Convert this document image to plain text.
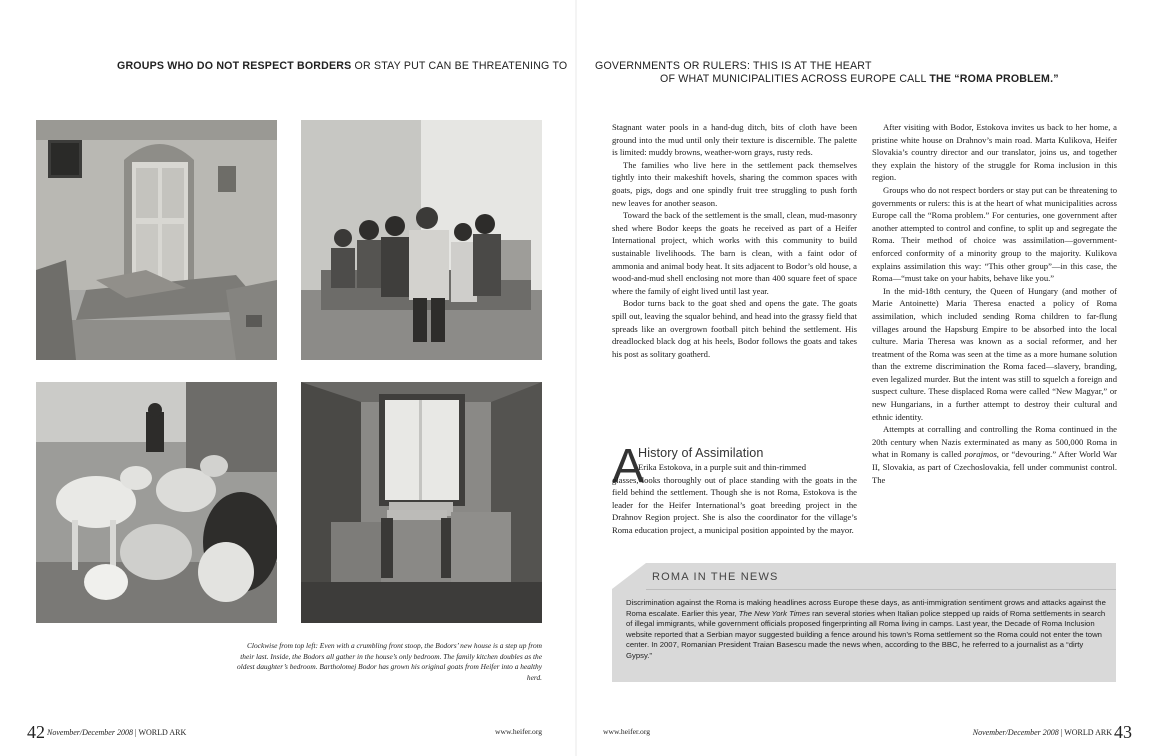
GROUPS WHO DO NOT RESPECT BORDERS OR STAY PUT CAN BE THREATENING TO	GOVERNMENTS OR RULERS: THIS IS AT THE HEART
OF WHAT MUNICIPALITIES ACROSS EUROPE CALL THE “ROMA PROBLEM.”
Clockwise from top left: Even with a crumbling front stoop, the Bodors’ new house is a step up from their last. Inside, the Bodors all gather in the house’s only bedroom. The family kitchen doubles as the oldest daughter’s bedroom. Bartholomej Bodor has grown his original goats from Heifer into a healthy herd.

Stagnant water pools in a hand-dug ditch, bits of cloth have been ground into the mud until only their texture is discernible. The palette is limited: muddy browns, weather-worn grays, rusty reds.

The families who live here in the settlement pack themselves tightly into their makeshift hovels, sharing the common spaces with goats, pigs, dogs and one spindly fruit tree struggling to push forth new leaves for another season.

Toward the back of the settlement is the small, clean, mud-masonry shed where Bodor keeps the goats he received as part of a Heifer International project, which works with this community to build sustainable livelihoods. The barn is clean, with a faint odor of ammonia and animal body heat. It sits adjacent to Bodor’s old house, a wood-and-mud shell enclosing not more than 400 square feet of space where the family of eight lived until last year.

Bodor turns back to the goat shed and opens the gate. The goats spill out, leaving the squalor behind, and head into the grassy field that spreads like an overgrown football pitch behind the settlement. His dreadlocked black dog at his heels, Bodor follows the goats and takes his post as solitary goatherd.

A
History of Assimilation

Erika Estokova, in a purple suit and thin-rimmed
glasses, looks thoroughly out of place standing with the goats in the field behind the settlement. Though she is not Roma, Estokova is the leader for the Heifer International’s goat breeding project in the Drahnov Region project. She is also the coordinator for the village’s Roma education project, a municipal position appointed by the mayor.

After visiting with Bodor, Estokova invites us back to her home, a pristine white house on Drahnov’s main road. Marta Kulikova, Heifer Slovakia’s country director and our translator, joins us, and together they explain the history of the struggle for Roma inclusion in this region.

Groups who do not respect borders or stay put can be threatening to governments or rulers: this is at the heart of what municipalities across Europe call the “Roma problem.” For centuries, one government after another attempted to control and confine, to split up and segregate the Roma. Their method of choice was assimilation—government-enforced conformity of a minority group to the majority. Kulikova explains assimilation this way: “This other group”—in this case, the Roma—“must take on your habits, behave like you.”

In the mid-18th century, the Queen of Hungary (and mother of Marie Antoinette) Maria Theresa enacted a policy of Roma assimilation, which included sending Roma children to far-flung villages around the Hapsburg Empire to be absorbed into the local culture. Maria Theresa was known as a social reformer, and her treatment of the Roma was seen at the time as a more humane solution than the extreme discrimination the Roma faced—slavery, branding, even legalized murder. But the intent was still to squelch a foreign and suspect culture. These displaced Roma were called “New Magyar,” or new Hungarians, in a further attempt to destroy their cultural and ethnic identity.

Attempts at corralling and controlling the Roma continued in the 20th century when Nazis exterminated as many as 500,000 Roma in what in Romany is called porajmos, or “devouring.” After World War II, Slovakia, as part of Czechoslovakia, fell under communist control. The

ROMA IN THE NEWS

Discrimination against the Roma is making headlines across Europe these days, as anti-immigration sentiment grows and attacks against the Roma escalate. Earlier this year, The New York Times ran several stories when Italian police stepped up raids of Roma settlements in search of illegal immigrants, while government officials proposed fingerprinting all Roma living in camps. Last year, the Decade of Roma Inclusion website reported that a Serbian mayor suggested building a fence around his town’s Roma settlement so the Roma could not enter the town center. In 2007, Romanian President Traian Basescu made the news when, according to the BBC, he referred to a journalist as a “dirty Gypsy.”

42 November/December 2008 | WORLD ARK	www.heifer.org	www.heifer.org	November/December 2008 | WORLD ARK 43
